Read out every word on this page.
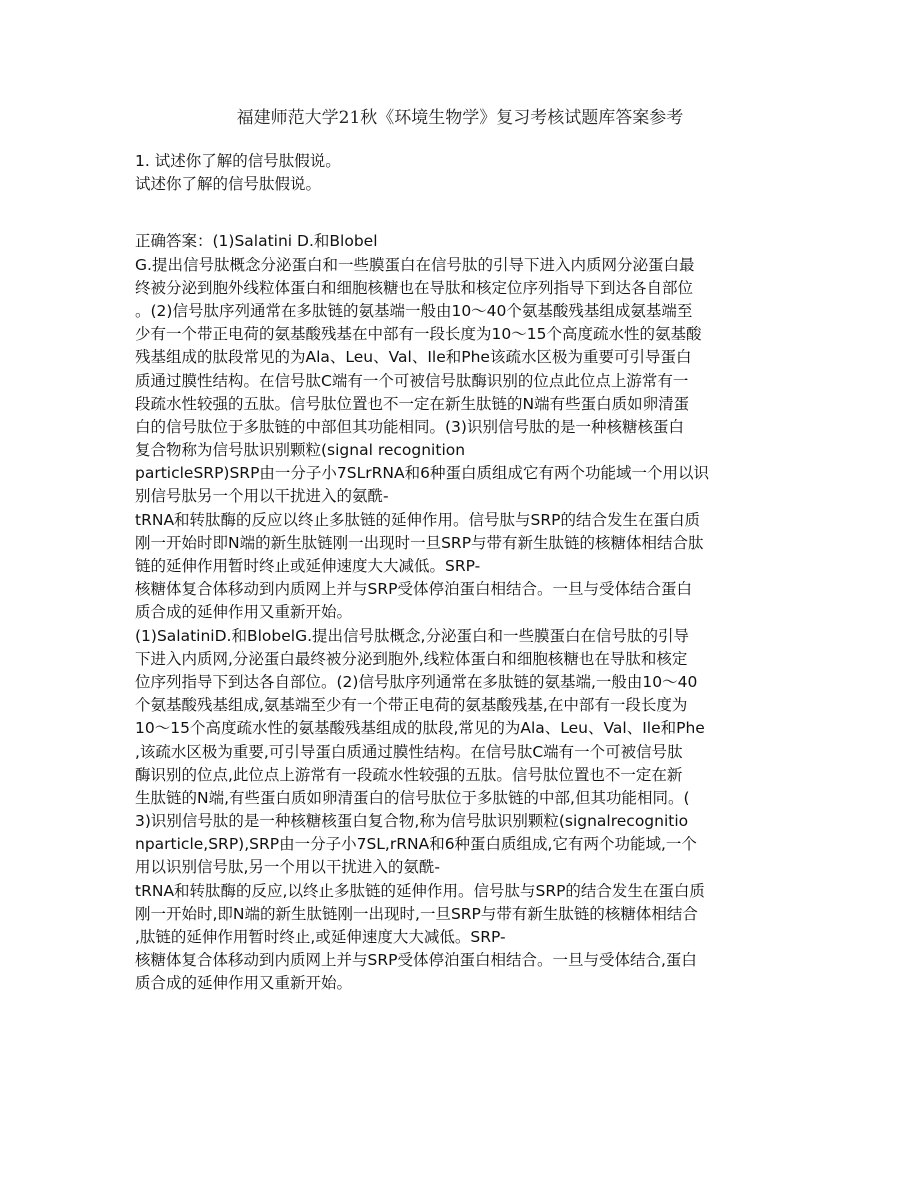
福建师范大学21秋《环境生物学》复习考核试题库答案参考
1. 试述你了解的信号肽假说。
试述你了解的信号肽假说。
正确答案：(1)Salatini D.和Blobel
G.提出信号肽概念分泌蛋白和一些膜蛋白在信号肽的引导下进入内质网分泌蛋白最
终被分泌到胞外线粒体蛋白和细胞核糖也在导肽和核定位序列指导下到达各自部位
。(2)信号肽序列通常在多肽链的氨基端一般由10～40个氨基酸残基组成氨基端至
少有一个带正电荷的氨基酸残基在中部有一段长度为10～15个高度疏水性的氨基酸
残基组成的肽段常见的为Ala、Leu、Val、Ile和Phe该疏水区极为重要可引导蛋白
质通过膜性结构。在信号肽C端有一个可被信号肽酶识别的位点此位点上游常有一
段疏水性较强的五肽。信号肽位置也不一定在新生肽链的N端有些蛋白质如卵清蛋
白的信号肽位于多肽链的中部但其功能相同。(3)识别信号肽的是一种核糖核蛋白
复合物称为信号肽识别颗粒(signal recognition
particleSRP)SRP由一分子小7SLrRNA和6种蛋白质组成它有两个功能域一个用以识
别信号肽另一个用以干扰进入的氨酰-
tRNA和转肽酶的反应以终止多肽链的延伸作用。信号肽与SRP的结合发生在蛋白质
刚一开始时即N端的新生肽链刚一出现时一旦SRP与带有新生肽链的核糖体相结合肽
链的延伸作用暂时终止或延伸速度大大减低。SRP-
核糖体复合体移动到内质网上并与SRP受体停泊蛋白相结合。一旦与受体结合蛋白
质合成的延伸作用又重新开始。
(1)SalatiniD.和BlobelG.提出信号肽概念,分泌蛋白和一些膜蛋白在信号肽的引导
下进入内质网,分泌蛋白最终被分泌到胞外,线粒体蛋白和细胞核糖也在导肽和核定
位序列指导下到达各自部位。(2)信号肽序列通常在多肽链的氨基端,一般由10～40
个氨基酸残基组成,氨基端至少有一个带正电荷的氨基酸残基,在中部有一段长度为
10～15个高度疏水性的氨基酸残基组成的肽段,常见的为Ala、Leu、Val、Ile和Phe
,该疏水区极为重要,可引导蛋白质通过膜性结构。在信号肽C端有一个可被信号肽
酶识别的位点,此位点上游常有一段疏水性较强的五肽。信号肽位置也不一定在新
生肽链的N端,有些蛋白质如卵清蛋白的信号肽位于多肽链的中部,但其功能相同。(
3)识别信号肽的是一种核糖核蛋白复合物,称为信号肽识别颗粒(signalrecognitio
nparticle,SRP),SRP由一分子小7SL,rRNA和6种蛋白质组成,它有两个功能域,一个
用以识别信号肽,另一个用以干扰进入的氨酰-
tRNA和转肽酶的反应,以终止多肽链的延伸作用。信号肽与SRP的结合发生在蛋白质
刚一开始时,即N端的新生肽链刚一出现时,一旦SRP与带有新生肽链的核糖体相结合
,肽链的延伸作用暂时终止,或延伸速度大大减低。SRP-
核糖体复合体移动到内质网上并与SRP受体停泊蛋白相结合。一旦与受体结合,蛋白
质合成的延伸作用又重新开始。
